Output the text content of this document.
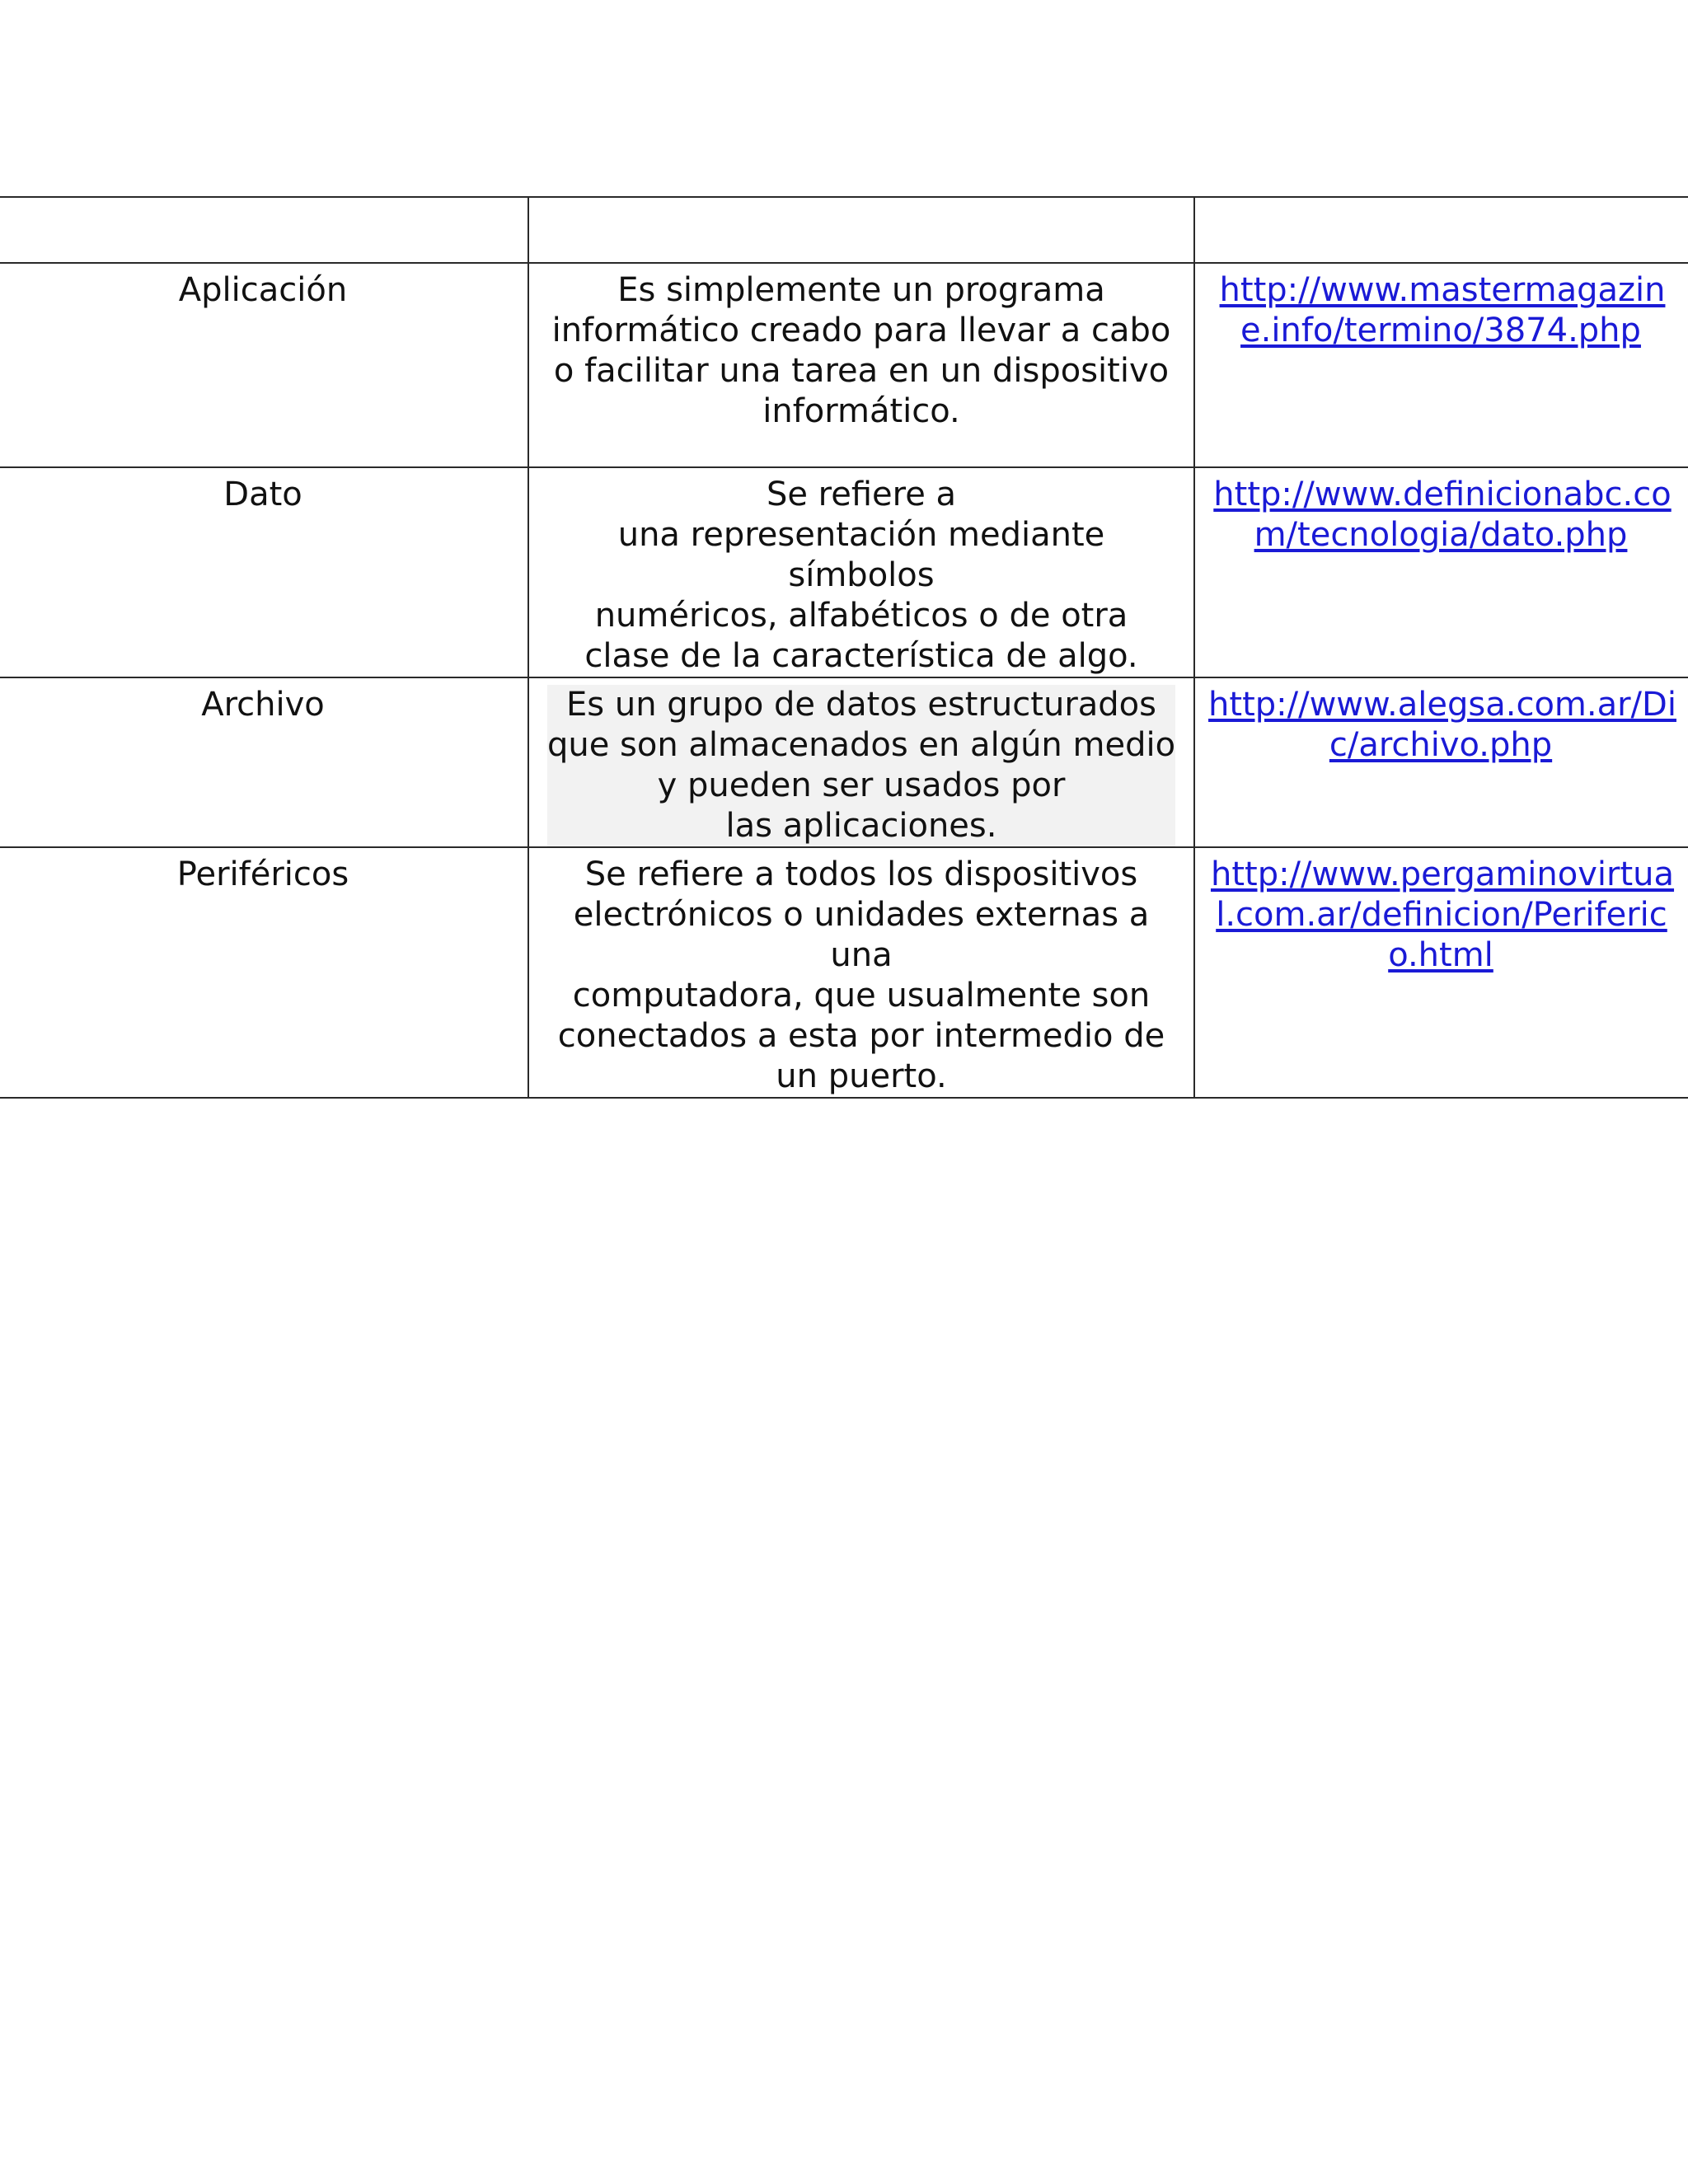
Aplicación	Es simplemente un programa
informático creado para llevar a cabo
o facilitar una tarea en un dispositivo
informático.	http://www.mastermagazine.info/termino/3874.php
Dato	Se refiere a
una representación mediante símbolos
numéricos, alfabéticos o de otra
clase de la característica de algo.	http://www.definicionabc.com/tecnologia/dato.php
Archivo	Es un grupo de datos estructurados
que son almacenados en algún medio
y pueden ser usados por
las aplicaciones.	http://www.alegsa.com.ar/Dic/archivo.php
Periféricos	Se refiere a todos los dispositivos
electrónicos o unidades externas a una
computadora, que usualmente son
conectados a esta por intermedio de
un puerto.	http://www.pergaminovirtual.com.ar/definicion/Periferico.html
